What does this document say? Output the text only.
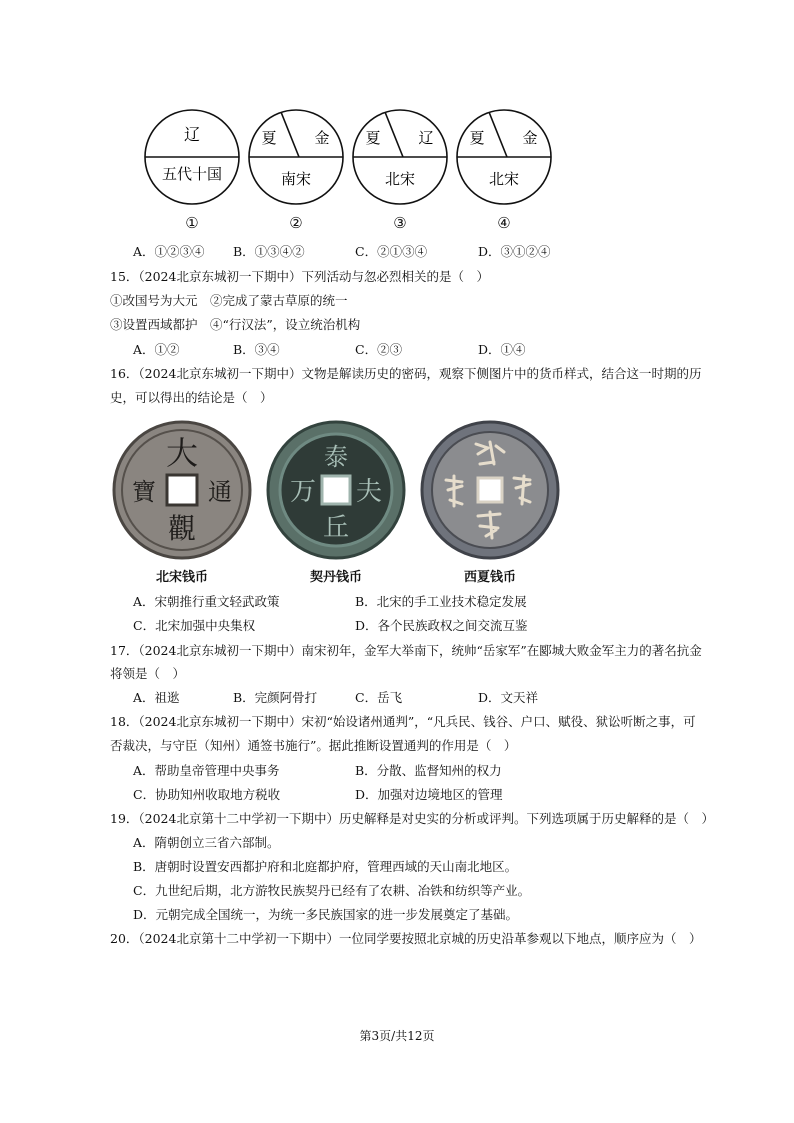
辽
五代十国
夏	金
南宋
夏	辽
北宋
夏	金
北宋
①	②	③	④
A．①②③④ B．①③④②	C．②①③④	D．③①②④
15．（2024北京东城初一下期中）下列活动与忽必烈相关的是（　）
①改国号为大元　②完成了蒙古草原的统一
③设置西域都护　④“行汉法”，设立统治机构
A．①②	B．③④	C．②③	D．①④
16．（2024北京东城初一下期中）文物是解读历史的密码，观察下侧图片中的货币样式，结合这一时期的历
史，可以得出的结论是（　）
大
通
觀
寶
泰
夫
丘
万
北宋钱币	契丹钱币	西夏钱币
A．宋朝推行重文轻武政策	B．北宋的手工业技术稳定发展
C．北宋加强中央集权	D．各个民族政权之间交流互鉴
17．（2024北京东城初一下期中）南宋初年，金军大举南下，统帅“岳家军”在郾城大败金军主力的著名抗金
将领是（　）
A．祖逖	B．完颜阿骨打	C．岳飞	D．文天祥
18．（2024北京东城初一下期中）宋初“始设诸州通判”，“凡兵民、钱谷、户口、赋役、狱讼听断之事，可
否裁决，与守臣（知州）通签书施行”。据此推断设置通判的作用是（　）
A．帮助皇帝管理中央事务	B．分散、监督知州的权力
C．协助知州收取地方税收	D．加强对边境地区的管理
19．（2024北京第十二中学初一下期中）历史解释是对史实的分析或评判。下列选项属于历史解释的是（　）
A．隋朝创立三省六部制。
B．唐朝时设置安西都护府和北庭都护府，管理西域的天山南北地区。
C．九世纪后期，北方游牧民族契丹已经有了农耕、冶铁和纺织等产业。
D．元朝完成全国统一，为统一多民族国家的进一步发展奠定了基础。
20．（2024北京第十二中学初一下期中）一位同学要按照北京城的历史沿革参观以下地点，顺序应为（　）
第3页/共12页
